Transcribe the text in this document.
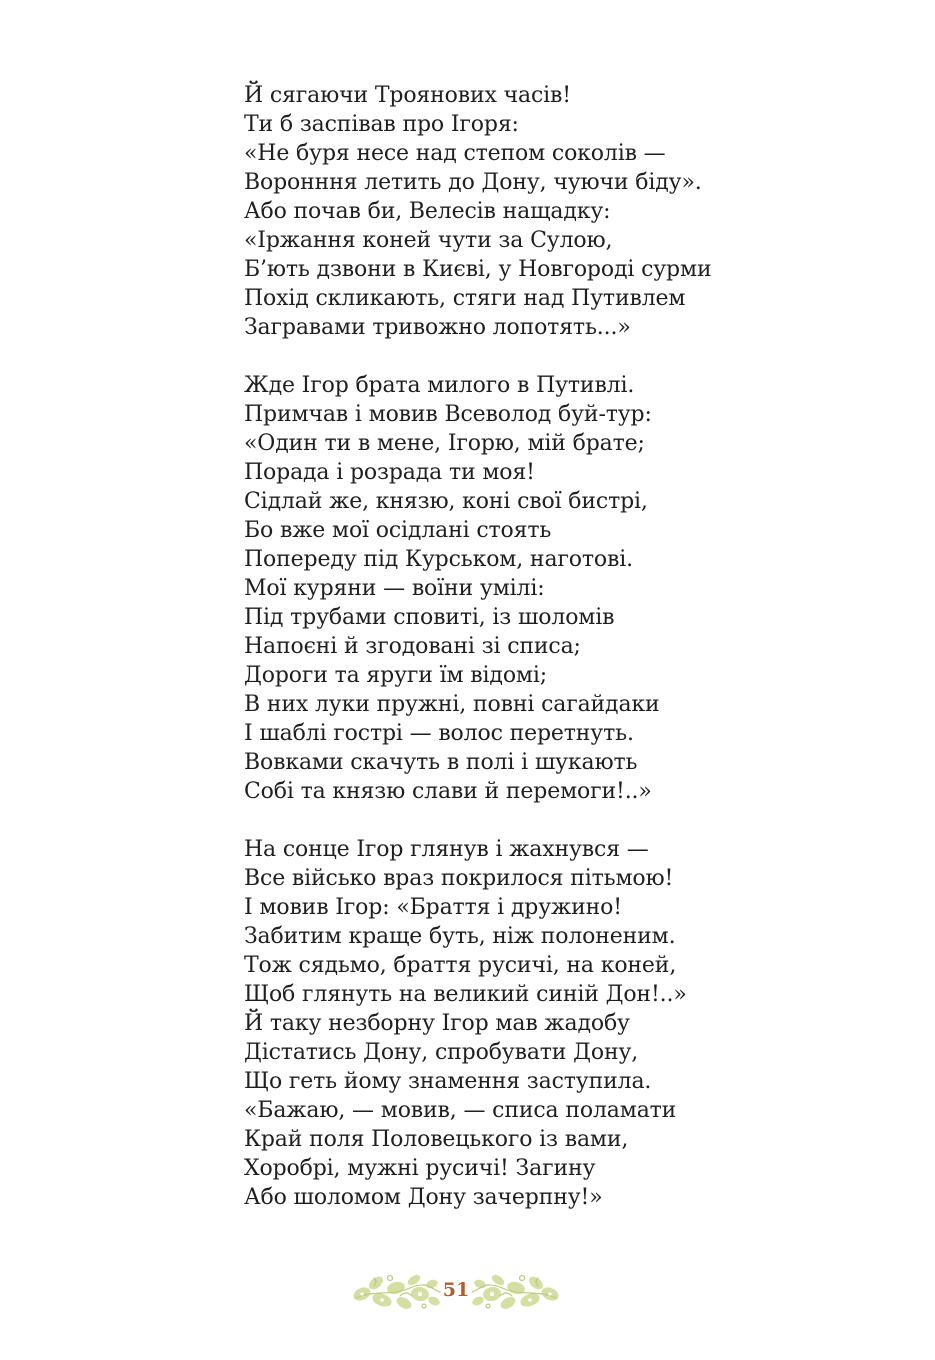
Й сягаючи Троянових часів!
Ти б заспівав про Ігоря:
«Не буря несе над степом соколів —
Воронння летить до Дону, чуючи біду».
Або почав би, Велесів нащадку:
«Іржання коней чути за Сулою,
Б’ють дзвони в Києві, у Новгороді сурми
Похід скликають, стяги над Путивлем
Загравами тривожно лопотять...»
Жде Ігор брата милого в Путивлі.
Примчав і мовив Всеволод буй-тур:
«Один ти в мене, Ігорю, мій брате;
Порада і розрада ти моя!
Сідлай же, князю, коні свої бистрі,
Бо вже мої осідлані стоять
Попереду під Курськом, наготові.
Мої куряни — воїни умілі:
Під трубами сповиті, із шоломів
Напоєні й згодовані зі списа;
Дороги та яруги їм відомі;
В них луки пружні, повні сагайдаки
І шаблі гострі — волос перетнуть.
Вовками скачуть в полі і шукають
Собі та князю слави й перемоги!..»
На сонце Ігор глянув і жахнувся —
Все військо враз покрилося пітьмою!
І мовив Ігор: «Браття і дружино!
Забитим краще буть, ніж полоненим.
Тож сядьмо, браття русичі, на коней,
Щоб глянуть на великий синій Дон!..»
Й таку незборну Ігор мав жадобу
Дістатись Дону, спробувати Дону,
Що геть йому знамення заступила.
«Бажаю, — мовив, — списа поламати
Край поля Половецького із вами,
Хоробрі, мужні русичі! Загину
Або шоломом Дону зачерпну!»
51
